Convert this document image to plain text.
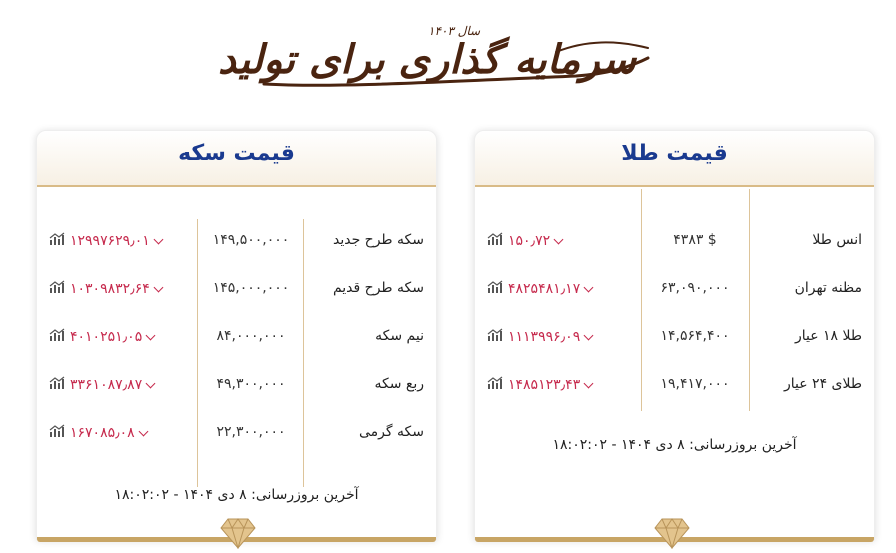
سرمایه گذاری برای تولید
سال ۱۴۰۳
قیمت سکه
سکه طرح جدید
۱۴۹,۵۰۰,۰۰۰
۱۲۹۹۷۶۲۹٫۰۱
سکه طرح قدیم
۱۴۵,۰۰۰,۰۰۰
۱۰۳۰۹۸۳۲٫۶۴
نیم سکه
۸۴,۰۰۰,۰۰۰
۴۰۱۰۲۵۱٫۰۵
ربع سکه
۴۹,۳۰۰,۰۰۰
۳۳۶۱۰۸۷٫۸۷
سکه گرمی
۲۲,۳۰۰,۰۰۰
۱۶۷۰۸۵٫۰۸
آخرین بروزرسانی: ۸ دی ۱۴۰۴ - ۱۸:۰۲:۰۲
قیمت طلا
انس طلا
$ ۴۳۸۳
۱۵۰٫۷۲
مظنه تهران
۶۳,۰۹۰,۰۰۰
۴۸۲۵۴۸۱٫۱۷
طلا ۱۸ عیار
۱۴,۵۶۴,۴۰۰
۱۱۱۳۹۹۶٫۰۹
طلای ۲۴ عیار
۱۹,۴۱۷,۰۰۰
۱۴۸۵۱۲۳٫۴۳
آخرین بروزرسانی: ۸ دی ۱۴۰۴ - ۱۸:۰۲:۰۲
